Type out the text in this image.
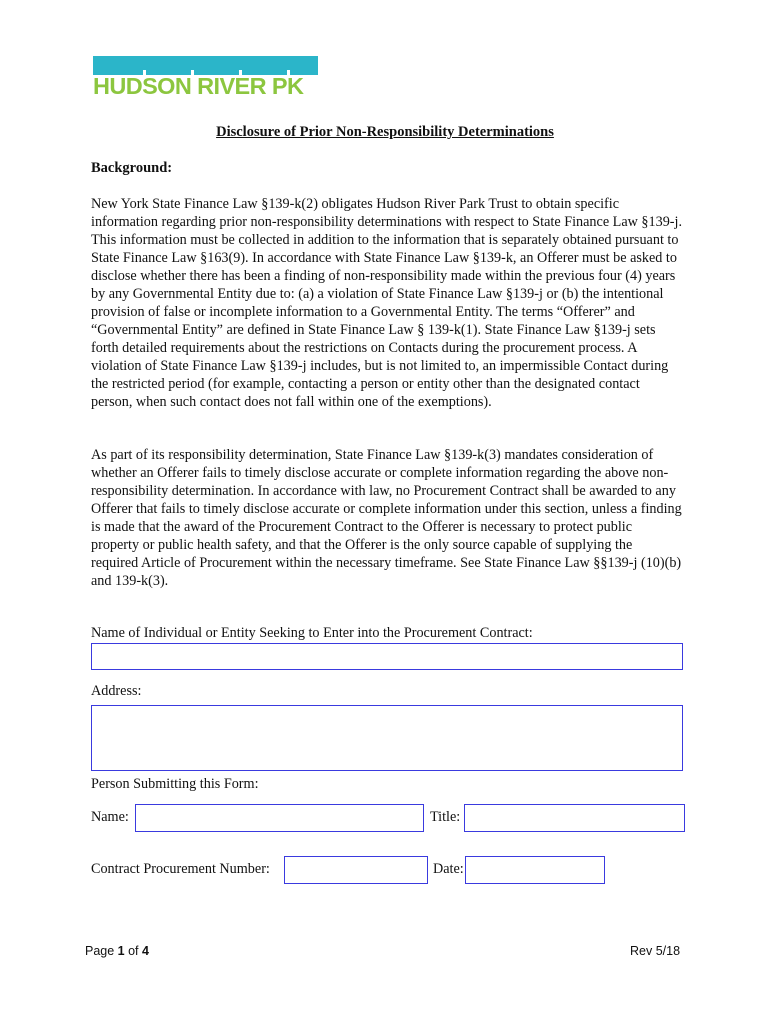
HUDSON RIVER PK
Disclosure of Prior Non-Responsibility Determinations
Background:

New York State Finance Law §139-k(2) obligates Hudson River Park Trust to obtain specific information regarding prior non-responsibility determinations with respect to State Finance Law §139-j. This information must be collected in addition to the information that is separately obtained pursuant to State Finance Law §163(9). In accordance with State Finance Law §139-k, an Offerer must be asked to disclose whether there has been a finding of non-responsibility made within the previous four (4) years by any Governmental Entity due to: (a) a violation of State Finance Law §139-j or (b) the intentional provision of false or incomplete information to a Governmental Entity. The terms “Offerer” and “Governmental Entity” are defined in State Finance Law § 139-k(1). State Finance Law §139-j sets forth detailed requirements about the restrictions on Contacts during the procurement process. A violation of State Finance Law §139-j includes, but is not limited to, an impermissible Contact during the restricted period (for example, contacting a person or entity other than the designated contact person, when such contact does not fall within one of the exemptions).

As part of its responsibility determination, State Finance Law §139-k(3) mandates consideration of whether an Offerer fails to timely disclose accurate or complete information regarding the above non-responsibility determination. In accordance with law, no Procurement Contract shall be awarded to any Offerer that fails to timely disclose accurate or complete information under this section, unless a finding is made that the award of the Procurement Contract to the Offerer is necessary to protect public property or public health safety, and that the Offerer is the only source capable of supplying the required Article of Procurement within the necessary timeframe. See State Finance Law §§139-j (10)(b) and 139-k(3).

Name of Individual or Entity Seeking to Enter into the Procurement Contract:
Address:
Person Submitting this Form:
Name:	Title:
Contract Procurement Number:	Date:
Page 1 of 4	Rev 5/18
